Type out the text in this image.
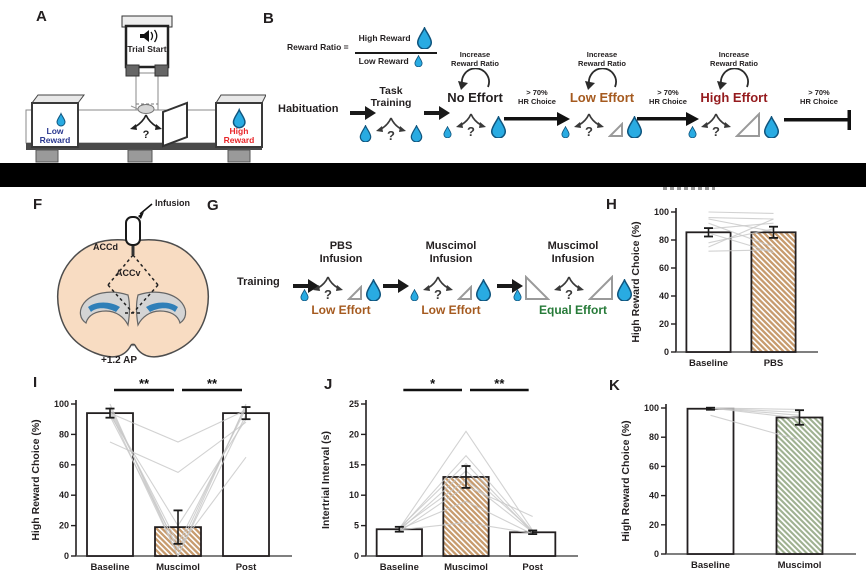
A	B
F	G	H
I	J	K
?
Trial Start
Low Reward
High Reward
Reward Ratio = $\frac{\text{High Reward}}{\text{Low Reward}}$
Habituation
Task
Training
?
Increase
Reward Ratio
No Effort
?
> 70%
HR Choice
Increase
Reward Ratio
Low Effort
?
> 70%
HR Choice
Increase
Reward Ratio
High Effort
?
> 70%
HR Choice
Infusion
ACCd
ACCv
+1.2 AP
Training
PBS
Infusion
?
Low Effort
Muscimol
Infusion
?
Low Effort
Muscimol
Infusion
?
Equal Effort
0
20
40
60
80
100
High Reward Choice (%)
Baseline	PBS
0
20
40
60
80
100
High Reward Choice (%)
**	**
Baseline	Muscimol	Post
0
5
10
15
20
25
Intertrial Interval (s)
*	**
Baseline	Muscimol	Post
0
20
40
60
80
100
High Reward Choice (%)
Baseline	Muscimol
